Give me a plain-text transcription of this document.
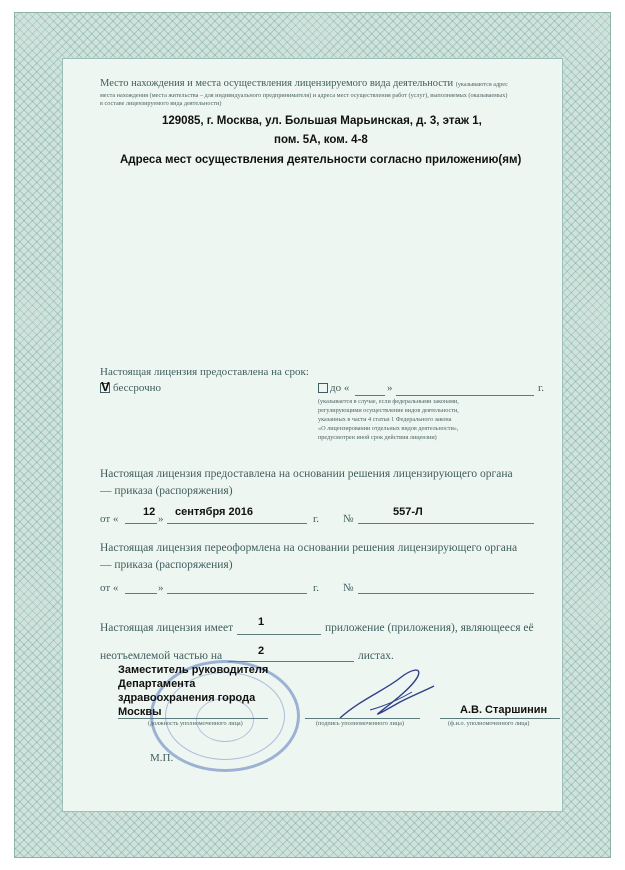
Место нахождения и места осуществления лицензируемого вида деятельности (указываются адрес
места нахождения (места жительства – для индивидуального предпринимателя) и адреса мест осуществления работ (услуг), выполняемых (оказываемых)
в составе лицензируемого вида деятельности)
129085, г. Москва, ул. Большая Марьинская, д. 3, этаж 1,
пом. 5А, ком. 4-8
Адреса мест осуществления деятельности согласно приложению(ям)
Настоящая лицензия предоставлена на срок:
V бессрочно	до «	»	г.
(указывается в случае, если федеральными законами,
регулирующими осуществление видов деятельности,
указанных в части 4 статьи 1 Федерального закона
«О лицензировании отдельных видов деятельности»,
предусмотрен иной срок действия лицензии)
Настоящая лицензия предоставлена на основании решения лицензирующего органа
— приказа (распоряжения)
от «
12
»
сентября 2016
г. №
557-Л
Настоящая лицензия переоформлена на основании решения лицензирующего органа
— приказа (распоряжения)
от «	»	г. №
Настоящая лицензия имеет 1	приложение (приложения), являющееся её
неотъемлемой частью на	2	листах.
Заместитель руководителя
Департамента
здравоохранения города
Москвы
(должность уполномоченного лица)	(подпись уполномоченного лица)
А.В. Старшинин
(ф.и.о. уполномоченного лица)
М.П.
